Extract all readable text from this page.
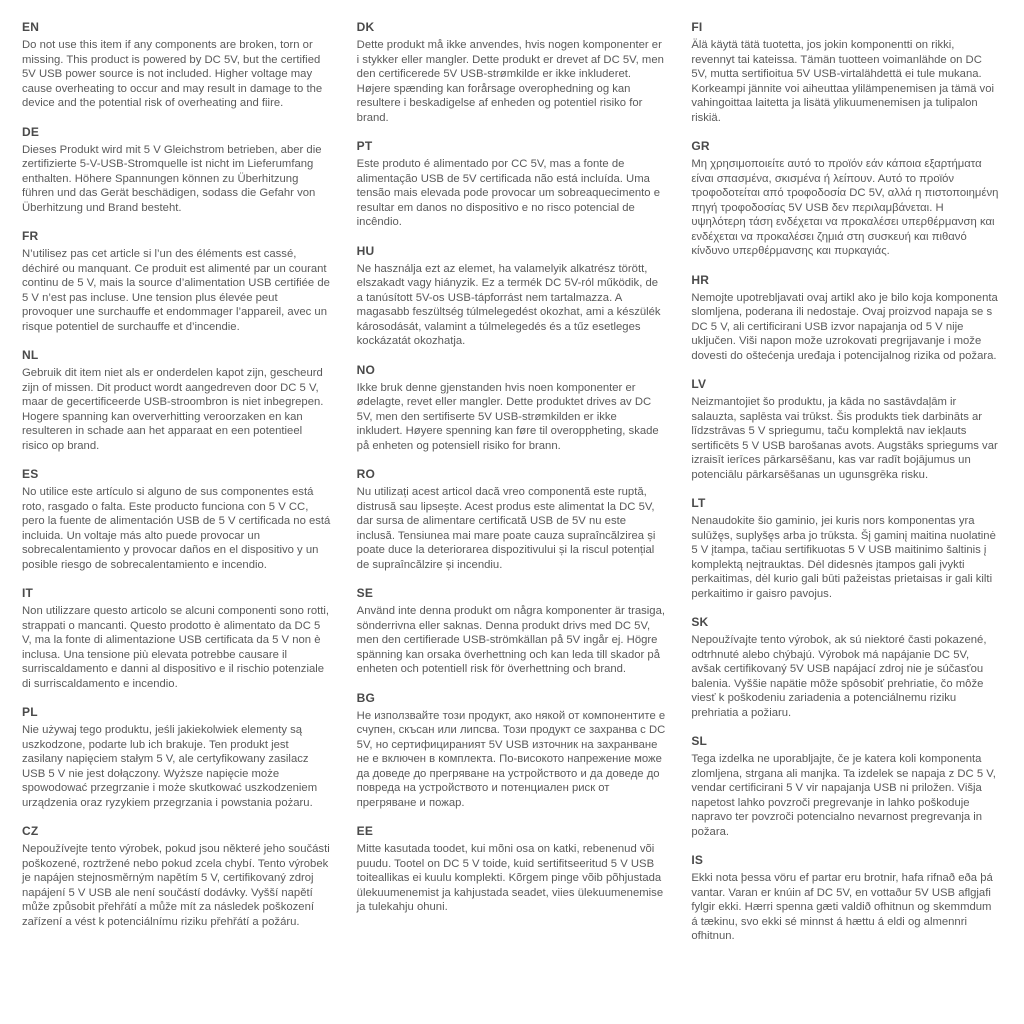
EN

Do not use this item if any components are broken, torn or missing. This product is powered by DC 5V, but the certified 5V USB power source is not included. Higher voltage may cause overheating to occur and may result in damage to the device and the potential risk of overheating and fiire.

DE

Dieses Produkt wird mit 5 V Gleichstrom betrieben, aber die zertifizierte 5-V-USB-Stromquelle ist nicht im Lieferumfang enthalten. Höhere Spannungen können zu Überhitzung führen und das Gerät beschädigen, sodass die Gefahr von Überhitzung und Brand besteht.

FR

N’utilisez pas cet article si l’un des éléments est cassé, déchiré ou manquant. Ce produit est alimenté par un courant continu de 5 V, mais la source d’alimentation USB certifiée de 5 V n’est pas incluse. Une tension plus élevée peut provoquer une surchauffe et endommager l’appareil, avec un risque potentiel de surchauffe et d’incendie.

NL

Gebruik dit item niet als er onderdelen kapot zijn, gescheurd zijn of missen. Dit product wordt aangedreven door DC 5 V, maar de gecertificeerde USB-stroombron is niet inbegrepen. Hogere spanning kan oververhitting veroorzaken en kan resulteren in schade aan het apparaat en een potentieel risico op brand.

ES

No utilice este artículo si alguno de sus componentes está roto, rasgado o falta. Este producto funciona con 5 V CC, pero la fuente de alimentación USB de 5 V certificada no está incluida. Un voltaje más alto puede provocar un sobrecalentamiento y provocar daños en el dispositivo y un posible riesgo de sobrecalentamiento e incendio.

IT

Non utilizzare questo articolo se alcuni componenti sono rotti, strappati o mancanti. Questo prodotto è alimentato da DC 5 V, ma la fonte di alimentazione USB certificata da 5 V non è inclusa. Una tensione più elevata potrebbe causare il surriscaldamento e danni al dispositivo e il rischio potenziale di surriscaldamento e incendio.

PL

Nie używaj tego produktu, jeśli jakiekolwiek elementy są uszkodzone, podarte lub ich brakuje. Ten produkt jest zasilany napięciem stałym 5 V, ale certyfikowany zasilacz USB 5 V nie jest dołączony. Wyższe napięcie może spowodować przegrzanie i może skutkować uszkodzeniem urządzenia oraz ryzykiem przegrzania i powstania pożaru.

CZ

Nepoužívejte tento výrobek, pokud jsou některé jeho součásti poškozené, roztržené nebo pokud zcela chybí. Tento výrobek je napájen stejnosměrným napětím 5 V, certifikovaný zdroj napájení 5 V USB ale není součástí dodávky. Vyšší napětí může způsobit přehřátí a může mít za následek poškození zařízení a vést k potenciálnímu riziku přehřátí a požáru.

DK

Dette produkt må ikke anvendes, hvis nogen komponenter er i stykker eller mangler. Dette produkt er drevet af DC 5V, men den certificerede 5V USB-strømkilde er ikke inkluderet. Højere spænding kan forårsage overophedning og kan resultere i beskadigelse af enheden og potentiel risiko for brand.

PT

Este produto é alimentado por CC 5V, mas a fonte de alimentação USB de 5V certificada não está incluída. Uma tensão mais elevada pode provocar um sobreaquecimento e resultar em danos no dispositivo e no risco potencial de incêndio.

HU

Ne használja ezt az elemet, ha valamelyik alkatrész törött, elszakadt vagy hiányzik. Ez a termék DC 5V-ról működik, de a tanúsított 5V-os USB-tápforrást nem tartalmazza. A magasabb feszültség túlmelegedést okozhat, ami a készülék károsodását, valamint a túlmelegedés és a tűz esetleges kockázatát okozhatja.

NO

Ikke bruk denne gjenstanden hvis noen komponenter er ødelagte, revet eller mangler. Dette produktet drives av DC 5V, men den sertifiserte 5V USB-strømkilden er ikke inkludert. Høyere spenning kan føre til overoppheting, skade på enheten og potensiell risiko for brann.

RO

Nu utilizați acest articol dacă vreo componentă este ruptă, distrusă sau lipsește. Acest produs este alimentat la DC 5V, dar sursa de alimentare certificată USB de 5V nu este inclusă. Tensiunea mai mare poate cauza supraîncălzirea și poate duce la deteriorarea dispozitivului și la riscul potențial de supraîncălzire și incendiu.

SE

Använd inte denna produkt om några komponenter är trasiga, sönderrivna eller saknas. Denna produkt drivs med DC 5V, men den certifierade USB-strömkällan på 5V ingår ej. Högre spänning kan orsaka överhettning och kan leda till skador på enheten och potentiell risk för överhettning och brand.

BG

Не използвайте този продукт, ако някой от компонентите е счупен, скъсан или липсва. Този продукт се захранва с DC 5V, но сертифицираният 5V USB източник на захранване не е включен в комплекта. По-високото напрежение може да доведе до прегряване на устройството и да доведе до повреда на устройството и потенциален риск от прегряване и пожар.

EE

Mitte kasutada toodet, kui mõni osa on katki, rebenenud või puudu. Tootel on DC 5 V toide, kuid sertifitseeritud 5 V USB toiteallikas ei kuulu komplekti. Kõrgem pinge võib põhjustada ülekuumenemist ja kahjustada seadet, viies ülekuumenemise ja tulekahju ohuni.

FI

Älä käytä tätä tuotetta, jos jokin komponentti on rikki, revennyt tai kateissa. Tämän tuotteen voimanlähde on DC 5V, mutta sertifioitua 5V USB-virtalähdettä ei tule mukana. Korkeampi jännite voi aiheuttaa ylilämpenemisen ja tämä voi vahingoittaa laitetta ja lisätä ylikuumenemisen ja tulipalon riskiä.

GR

Μη χρησιμοποιείτε αυτό το προϊόν εάν κάποια εξαρτήματα είναι σπασμένα, σκισμένα ή λείπουν. Αυτό το προϊόν τροφοδοτείται από τροφοδοσία DC 5V, αλλά η πιστοποιημένη πηγή τροφοδοσίας 5V USB δεν περιλαμβάνεται. Η υψηλότερη τάση ενδέχεται να προκαλέσει υπερθέρμανση και ενδέχεται να προκαλέσει ζημιά στη συσκευή και πιθανό κίνδυνο υπερθέρμανσης και πυρκαγιάς.

HR

Nemojte upotrebljavati ovaj artikl ako je bilo koja komponenta slomljena, poderana ili nedostaje. Ovaj proizvod napaja se s DC 5 V, ali certificirani USB izvor napajanja od 5 V nije uključen. Viši napon može uzrokovati pregrijavanje i može dovesti do oštećenja uređaja i potencijalnog rizika od požara.

LV

Neizmantojiet šo produktu, ja kāda no sastāvdaļām ir salauzta, saplēsta vai trūkst. Šis produkts tiek darbināts ar līdzstrāvas 5 V spriegumu, taču komplektā nav iekļauts sertificēts 5 V USB barošanas avots. Augstāks spriegums var izraisīt ierīces pārkarsēšanu, kas var radīt bojājumus un potenciālu pārkarsēšanas un ugunsgrēka risku.

LT

Nenaudokite šio gaminio, jei kuris nors komponentas yra sulūžęs, suplyšęs arba jo trūksta. Šį gaminį maitina nuolatinė 5 V įtampa, tačiau sertifikuotas 5 V USB maitinimo šaltinis į komplektą neįtrauktas. Dėl didesnės įtampos gali įvykti perkaitimas, dėl kurio gali būti pažeistas prietaisas ir gali kilti perkaitimo ir gaisro pavojus.

SK

Nepoužívajte tento výrobok, ak sú niektoré časti pokazené, odtrhnuté alebo chýbajú. Výrobok má napájanie DC 5V, avšak certifikovaný 5V USB napájací zdroj nie je súčasťou balenia. Vyššie napätie môže spôsobiť prehriatie, čo môže viesť k poškodeniu zariadenia a potenciálnemu riziku prehriatia a požiaru.

SL

Tega izdelka ne uporabljajte, če je katera koli komponenta zlomljena, strgana ali manjka. Ta izdelek se napaja z DC 5 V, vendar certificirani 5 V vir napajanja USB ni priložen. Višja napetost lahko povzroči pregrevanje in lahko poškoduje napravo ter povzroči potencialno nevarnost pregrevanja in požara.

IS

Ekki nota þessa vöru ef partar eru brotnir, hafa rifnað eða þá vantar. Varan er knúin af DC 5V, en vottaður 5V USB aflgjafi fylgir ekki. Hærri spenna gæti valdið ofhitnun og skemmdum á tækinu, svo ekki sé minnst á hættu á eldi og almennri ofhitnun.
